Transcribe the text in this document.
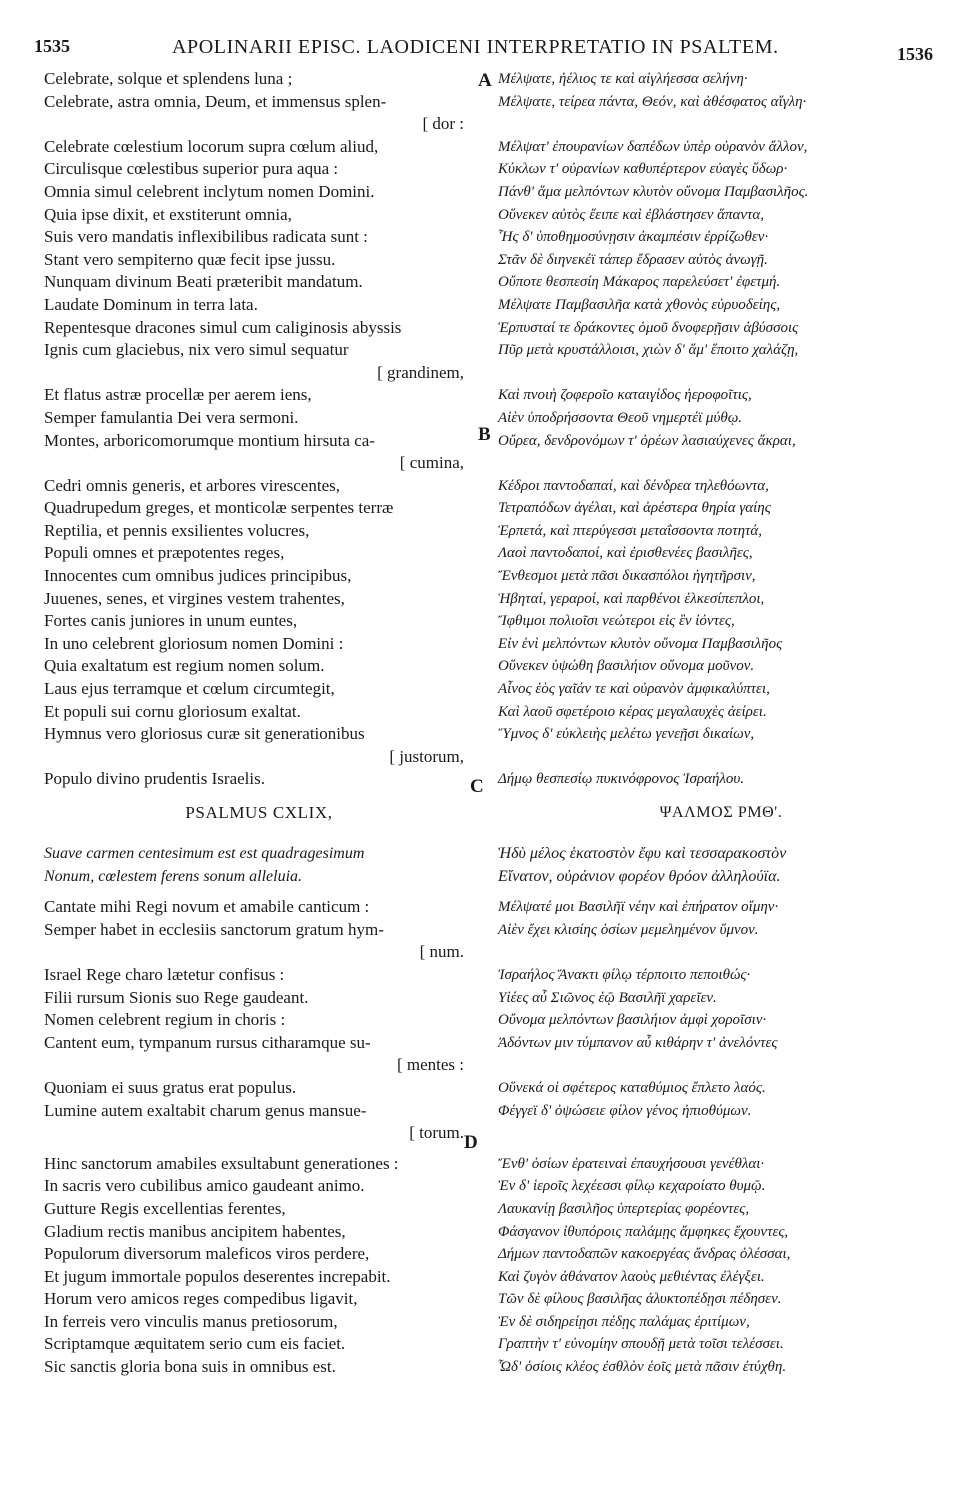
1535	APOLINARII EPISC. LAODICENI INTERPRETATIO IN PSALTEM.	1536
A
B
C
D
Celebrate, solque et splendens luna ;
Celebrate, astra omnia, Deum, et immensus splen-
[ dor :
Celebrate cœlestium locorum supra cœlum aliud,
Circulisque cœlestibus superior pura aqua :
Omnia simul celebrent inclytum nomen Domini.
Quia ipse dixit, et exstiterunt omnia,
Suis vero mandatis inflexibilibus radicata sunt :
Stant vero sempiterno quæ fecit ipse jussu.
Nunquam divinum Beati præteribit mandatum.
Laudate Dominum in terra lata.
Repentesque dracones simul cum caliginosis abyssis
Ignis cum glaciebus, nix vero simul sequatur
[ grandinem,
Et flatus astræ procellæ per aerem iens,
Semper famulantia Dei vera sermoni.
Montes, arboricomorumque montium hirsuta ca-
[ cumina,
Cedri omnis generis, et arbores virescentes,
Quadrupedum greges, et monticolæ serpentes terræ
Reptilia, et pennis exsilientes volucres,
Populi omnes et præpotentes reges,
Innocentes cum omnibus judices principibus,
Juuenes, senes, et virgines vestem trahentes,
Fortes canis juniores in unum euntes,
In uno celebrent gloriosum nomen Domini :
Quia exaltatum est regium nomen solum.
Laus ejus terramque et cœlum circumtegit,
Et populi sui cornu gloriosum exaltat.
Hymnus vero gloriosus curæ sit generationibus
[ justorum,
Populo divino prudentis Israelis.
PSALMUS CXLIX,
Suave carmen centesimum est est quadragesimum
Nonum, cœlestem ferens sonum alleluia.
Cantate mihi Regi novum et amabile canticum :
Semper habet in ecclesiis sanctorum gratum hym-
[ num.
Israel Rege charo lætetur confisus :
Filii rursum Sionis suo Rege gaudeant.
Nomen celebrent regium in choris :
Cantent eum, tympanum rursus citharamque su-
[ mentes :
Quoniam ei suus gratus erat populus.
Lumine autem exaltabit charum genus mansue-
[ torum.
Hinc sanctorum amabiles exsultabunt generationes :
In sacris vero cubilibus amico gaudeant animo.
Gutture Regis excellentias ferentes,
Gladium rectis manibus ancipitem habentes,
Populorum diversorum maleficos viros perdere,
Et jugum immortale populos deserentes increpabit.
Horum vero amicos reges compedibus ligavit,
In ferreis vero vinculis manus pretiosorum,
Scriptamque æquitatem serio cum eis faciet.
Sic sanctis gloria bona suis in omnibus est.
Μέλψατε, ἠέλιος τε καὶ αἰγλήεσσα σελήνη·
Μέλψατε, τείρεα πάντα, Θεόν, καὶ ἀθέσφατος αἴγλη·
Μέλψατ' ἐπουρανίων δαπέδων ὑπὲρ οὐρανὸν ἄλλον,
Κύκλων τ' οὐρανίων καθυπέρτερον εὐαγὲς ὕδωρ·
Πάνθ' ἅμα μελπόντων κλυτὸν οὔνομα Παμβασιλῆος.
Οὕνεκεν αὐτὸς ἔειπε καὶ ἐβλάστησεν ἅπαντα,
Ἧς δ' ὑποθημοσύνῃσιν ἀκαμπέσιν ἐρρίζωθεν·
Στᾶν δὲ διηνεκέϊ τάπερ ἔδρασεν αὐτὸς ἀνωγῇ.
Οὔποτε θεσπεσίη Μάκαρος παρελεύσετ' ἐφετμή.
Μέλψατε Παμβασιλῆα κατὰ χθονὸς εὐρυοδείης,
Ἑρπυσταί τε δράκοντες ὁμοῦ δνοφερῇσιν ἀβύσσοις
Πῦρ μετὰ κρυστάλλοισι, χιὼν δ' ἅμ' ἕποιτο χαλάζῃ,
Καὶ πνοιὴ ζοφεροῖο καταιγίδος ἠεροφοῖτις,
Αἰὲν ὑποδρήσσοντα Θεοῦ νημερτέϊ μύθῳ.
Οὔρεα, δενδρονόμων τ' ὀρέων λασιαύχενες ἄκραι,
Κέδροι παντοδαπαί, καὶ δένδρεα τηλεθόωντα,
Τετραπόδων ἀγέλαι, καὶ ἀρέστερα θηρία γαίης
Ἑρπετά, καὶ πτερύγεσσι μεταΐσσοντα ποτητά,
Λαοὶ παντοδαποί, καὶ ἐρισθενέες βασιλῆες,
Ἔνθεσμοι μετὰ πᾶσι δικασπόλοι ἡγητῆρσιν,
Ἡβηταί, γεραροί, καὶ παρθένοι ἑλκεσίπεπλοι,
Ἴφθιμοι πολιοῖσι νεώτεροι εἰς ἓν ἰόντες,
Εἰν ἑνὶ μελπόντων κλυτὸν οὔνομα Παμβασιλῆος
Οὕνεκεν ὑψώθη βασιλήιον οὔνομα μοῦνον.
Αἶνος ἑὸς γαῖάν τε καὶ οὐρανὸν ἀμφικαλύπτει,
Καὶ λαοῦ σφετέροιο κέρας μεγαλαυχὲς ἀείρει.
Ὕμνος δ' εὐκλειὴς μελέτω γενεῇσι δικαίων,
Δήμῳ θεσπεσίῳ πυκινόφρονος Ἰσραήλου.
ΨΑΛΜΟΣ ΡΜΘ'.
Ἡδὺ μέλος ἑκατοστὸν ἔφυ καὶ τεσσαρακοστὸν
Εἴνατον, οὐράνιον φορέον θρόον ἀλληλούϊα.
Μέλψατέ μοι Βασιλῆϊ νέην καὶ ἐπήρατον οἴμην·
Αἰὲν ἔχει κλισίης ὁσίων μεμελημένον ὕμνον.
Ἰσραήλος Ἄνακτι φίλῳ τέρποιτο πεποιθώς·
Υἱέες αὖ Σιῶνος ἑῷ Βασιλῆϊ χαρεῖεν.
Οὔνομα μελπόντων βασιλήιον ἀμφὶ χοροῖσιν·
Ἀδόντων μιν τύμπανον αὖ κιθάρην τ' ἀνελόντες
Οὕνεκά οἱ σφέτερος καταθύμιος ἔπλετο λαός.
Φέγγεϊ δ' ὀψώσειε φίλον γένος ἠπιοθύμων.
Ἔνθ' ὁσίων ἐρατειναὶ ἐπαυχήσουσι γενέθλαι·
Ἐν δ' ἱεροῖς λεχέεσσι φίλῳ κεχαροίατο θυμῷ.
Λαυκανίῃ βασιλῆος ὑπερτερίας φορέοντες,
Φάσγανον ἰθυπόροις παλάμῃς ἄμφηκες ἔχουντες,
Δήμων παντοδαπῶν κακοεργέας ἄνδρας ὀλέσσαι,
Καὶ ζυγὸν ἀθάνατον λαοὺς μεθιέντας ἐλέγξει.
Τῶν δὲ φίλους βασιλῆας ἀλυκτοπέδῃσι πέδησεν.
Ἐν δὲ σιδηρείῃσι πέδῃς παλάμας ἐριτίμων,
Γραπτὴν τ' εὐνομίην σπουδῇ μετὰ τοῖσι τελέσσει.
Ὧδ' ὁσίοις κλέος ἐσθλὸν ἑοῖς μετὰ πᾶσιν ἐτύχθη.
